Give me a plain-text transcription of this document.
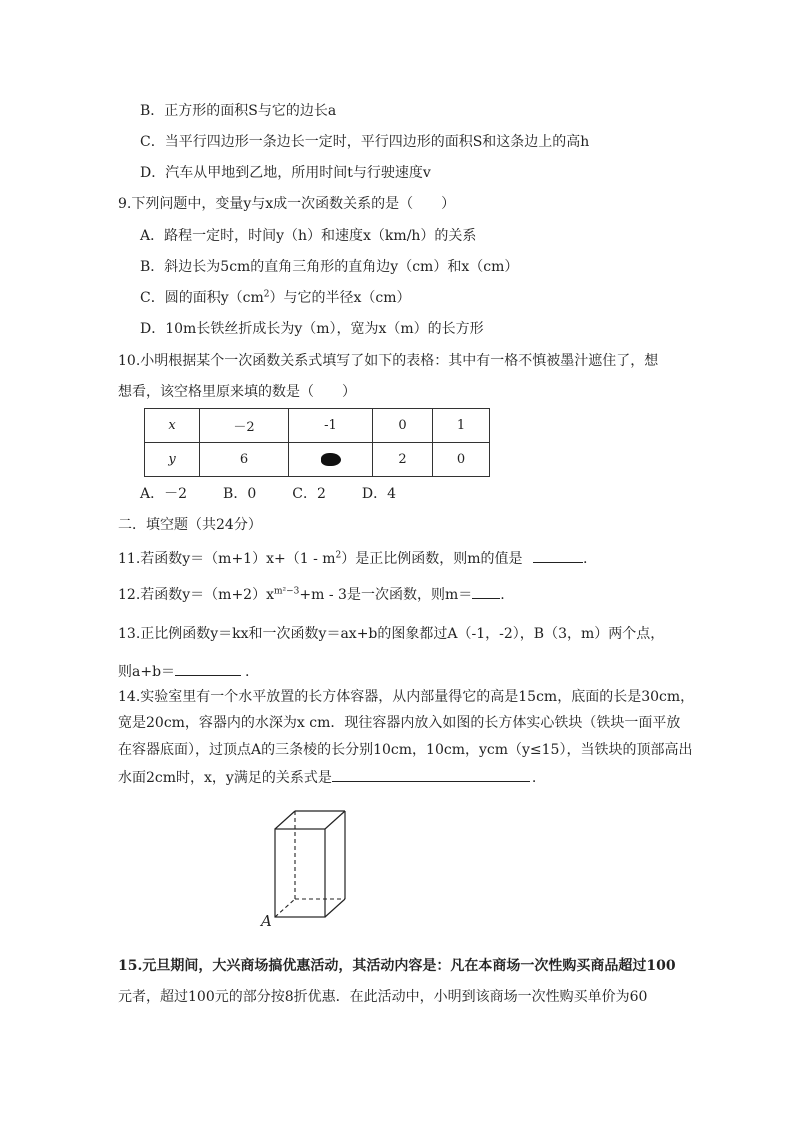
B．正方形的面积S与它的边长a
C．当平行四边形一条边长一定时，平行四边形的面积S和这条边上的高h
D．汽车从甲地到乙地，所用时间t与行驶速度v
9.下列问题中，变量y与x成一次函数关系的是（　　）
A．路程一定时，时间y（h）和速度x（km/h）的关系
B．斜边长为5cm的直角三角形的直角边y（cm）和x（cm）
C．圆的面积$y(cm^2)$与它的半径x（cm）
D．10m长铁丝折成长为y（m），宽为x（m）的长方形
10.小明根据某个一次函数关系式填写了如下的表格：其中有一格不慎被墨汁遮住了，想
想看，该空格里原来填的数是（　　）
x	－2	-1	0	1
y	6		2	0
A．－2	B．0	C．2	D．4
二．填空题（共24分）
11.若函数$y=(m+1)x+(1 - m^2)$是正比例函数，则m的值是	.
12.若函数$y=(m+2)x^{m^2-3}+m - 3$是一次函数，则m＝ .
13.正比例函数y＝kx和一次函数y＝ax+b的图象都过A（-1，-2），B（3，m）两个点，
则a+b＝	.
14.实验室里有一个水平放置的长方体容器，从内部量得它的高是15cm，底面的长是30cm，
宽是20cm，容器内的水深为x cm．现往容器内放入如图的长方体实心铁块（铁块一面平放
在容器底面），过顶点A的三条棱的长分别10cm，10cm，ycm（y≤15），当铁块的顶部高出
水面2cm时，x，y满足的关系式是	.
A
15.元旦期间，大兴商场搞优惠活动，其活动内容是：凡在本商场一次性购买商品超过100
元者，超过100元的部分按8折优惠．在此活动中，小明到该商场一次性购买单价为60
